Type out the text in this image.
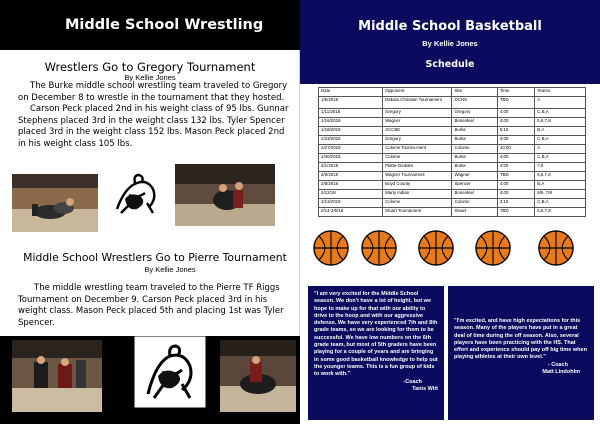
Middle School Wrestling
Wrestlers Go to Gregory Tournament
By Kellie Jones

The Burke middle school wrestling team traveled to Gregory on December 8 to wrestle in the tournament that they hosted.

Carson Peck placed 2nd in his weight class of 95 lbs. Gunnar Stephens placed 3rd in the weight class 132 lbs. Tyler Spencer placed 3rd in the weight class 152 lbs. Mason Peck placed 2nd in his weight class 105 lbs.

Middle School Wrestlers Go to Pierre Tournament
By Kellie Jones

The middle wrestling team traveled to the Pierre TF Riggs Tournament on December 9. Carson Peck placed 3rd in his weight class. Mason Peck placed 5th and placing 1st was Tyler Spencer.

Middle School Basketball
By Kellie Jones
Schedule
Date	Opponent	Site	Time	Teams
1/6/2018	Dakota Christian Tournament	DCHS	TBD	A
1/11/2018	Gregory	Gregory	4:00	C,B,A
1/16/2018	Wagner	Bonesteel	4:00	5,6,7,8
1/18/2018	SCCBE	Burke	5:15	B,A
1/23/2018	Gregory	Burke	4:00	C,B,A
1/27/2018	Colome Tourna-ment	Colome	10:00	A
1/30/2018	Colome	Burke	4:00	C,B,A
2/1/2018	Platte-Geddes	Burke	4:00	7,8
2/5/2018	Wagner Tournament	Wagner	TBD	5,6,7,8
2/8/2018	Boyd County	Spencer	4:00	B,A
2/12/18	Marty Indian	Bonesteel	4:00	5/6, 7/8
2/13/2018	Colome	Colome	3:15	C,B,A
2/14-2/5/18	Stuart Tournament	Stuart	TBD	5,6,7,8
"I am very excited for the Middle School season. We don't have a lot of height, but we hope to make up for that with our ability to drive to the hoop and with our aggressive defense. We have very experienced 7th and 8th grade teams, so we are looking for them to be successful. We have low numbers on the 6th grade team, but most of 5th graders have been playing for a couple of years and are bringing in some good basketball knowledge to help out the younger teams. This is a fun group of kids to work with."
-Coach
Tanis Witt
"I'm excited, and have high expectations for this season. Many of the players have put in a great deal of time during the off season. Also, several players have been practicing with the HS. That effort and experience should pay off big time when playing athletes at their own level."
- Coach
Matt Lindohlm
